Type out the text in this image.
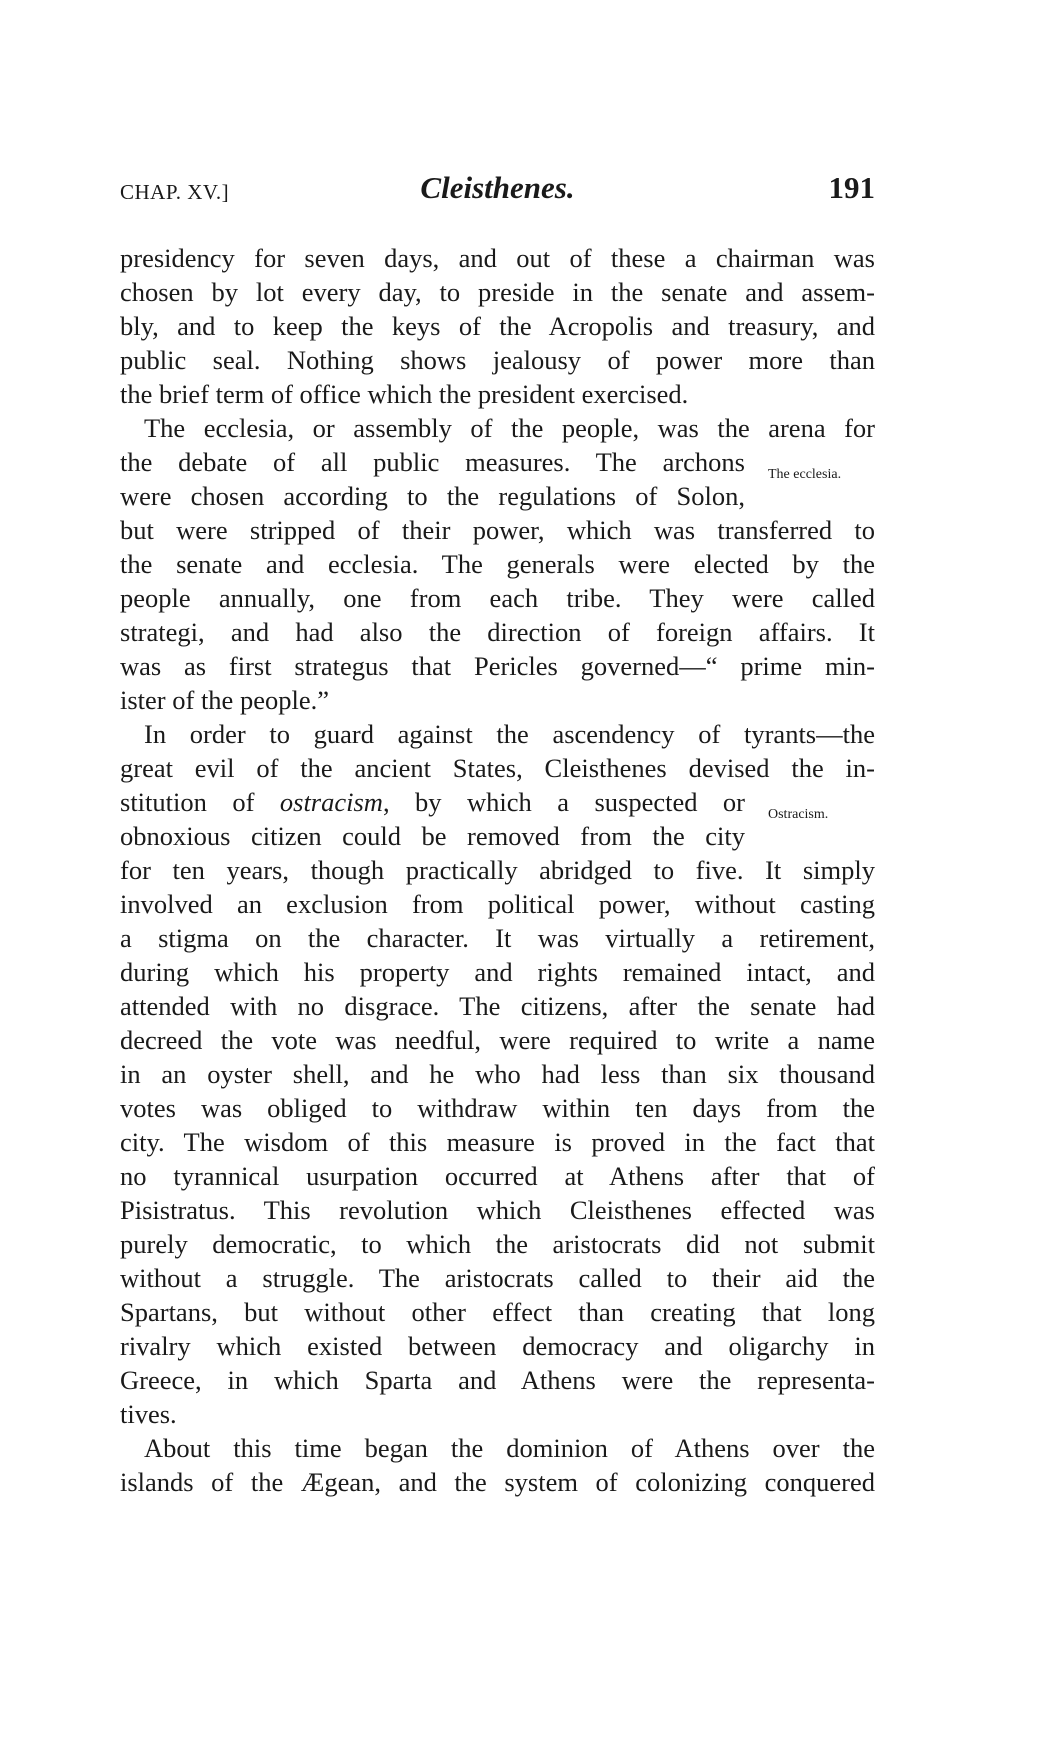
CHAP. XV.]	Cleisthenes.	191
presidency for seven days, and out of these a chairman was
chosen by lot every day, to preside in the senate and assem-
bly, and to keep the keys of the Acropolis and treasury, and
public seal. Nothing shows jealousy of power more than
the brief term of office which the president exercised.
The ecclesia, or assembly of the people, was the arena for
the debate of all public measures. The archons The ecclesia.
were chosen according to the regulations of Solon,
but were stripped of their power, which was transferred to
the senate and ecclesia. The generals were elected by the
people annually, one from each tribe. They were called
strategi, and had also the direction of foreign affairs. It
was as first strategus that Pericles governed—“ prime min-
ister of the people.”
In order to guard against the ascendency of tyrants—the
great evil of the ancient States, Cleisthenes devised the in-
stitution of ostracism, by which a suspected or Ostracism.
obnoxious citizen could be removed from the city
for ten years, though practically abridged to five. It simply
involved an exclusion from political power, without casting
a stigma on the character. It was virtually a retirement,
during which his property and rights remained intact, and
attended with no disgrace. The citizens, after the senate had
decreed the vote was needful, were required to write a name
in an oyster shell, and he who had less than six thousand
votes was obliged to withdraw within ten days from the
city. The wisdom of this measure is proved in the fact that
no tyrannical usurpation occurred at Athens after that of
Pisistratus. This revolution which Cleisthenes effected was
purely democratic, to which the aristocrats did not submit
without a struggle. The aristocrats called to their aid the
Spartans, but without other effect than creating that long
rivalry which existed between democracy and oligarchy in
Greece, in which Sparta and Athens were the representa-
tives.
About this time began the dominion of Athens over the
islands of the Ægean, and the system of colonizing conquered
